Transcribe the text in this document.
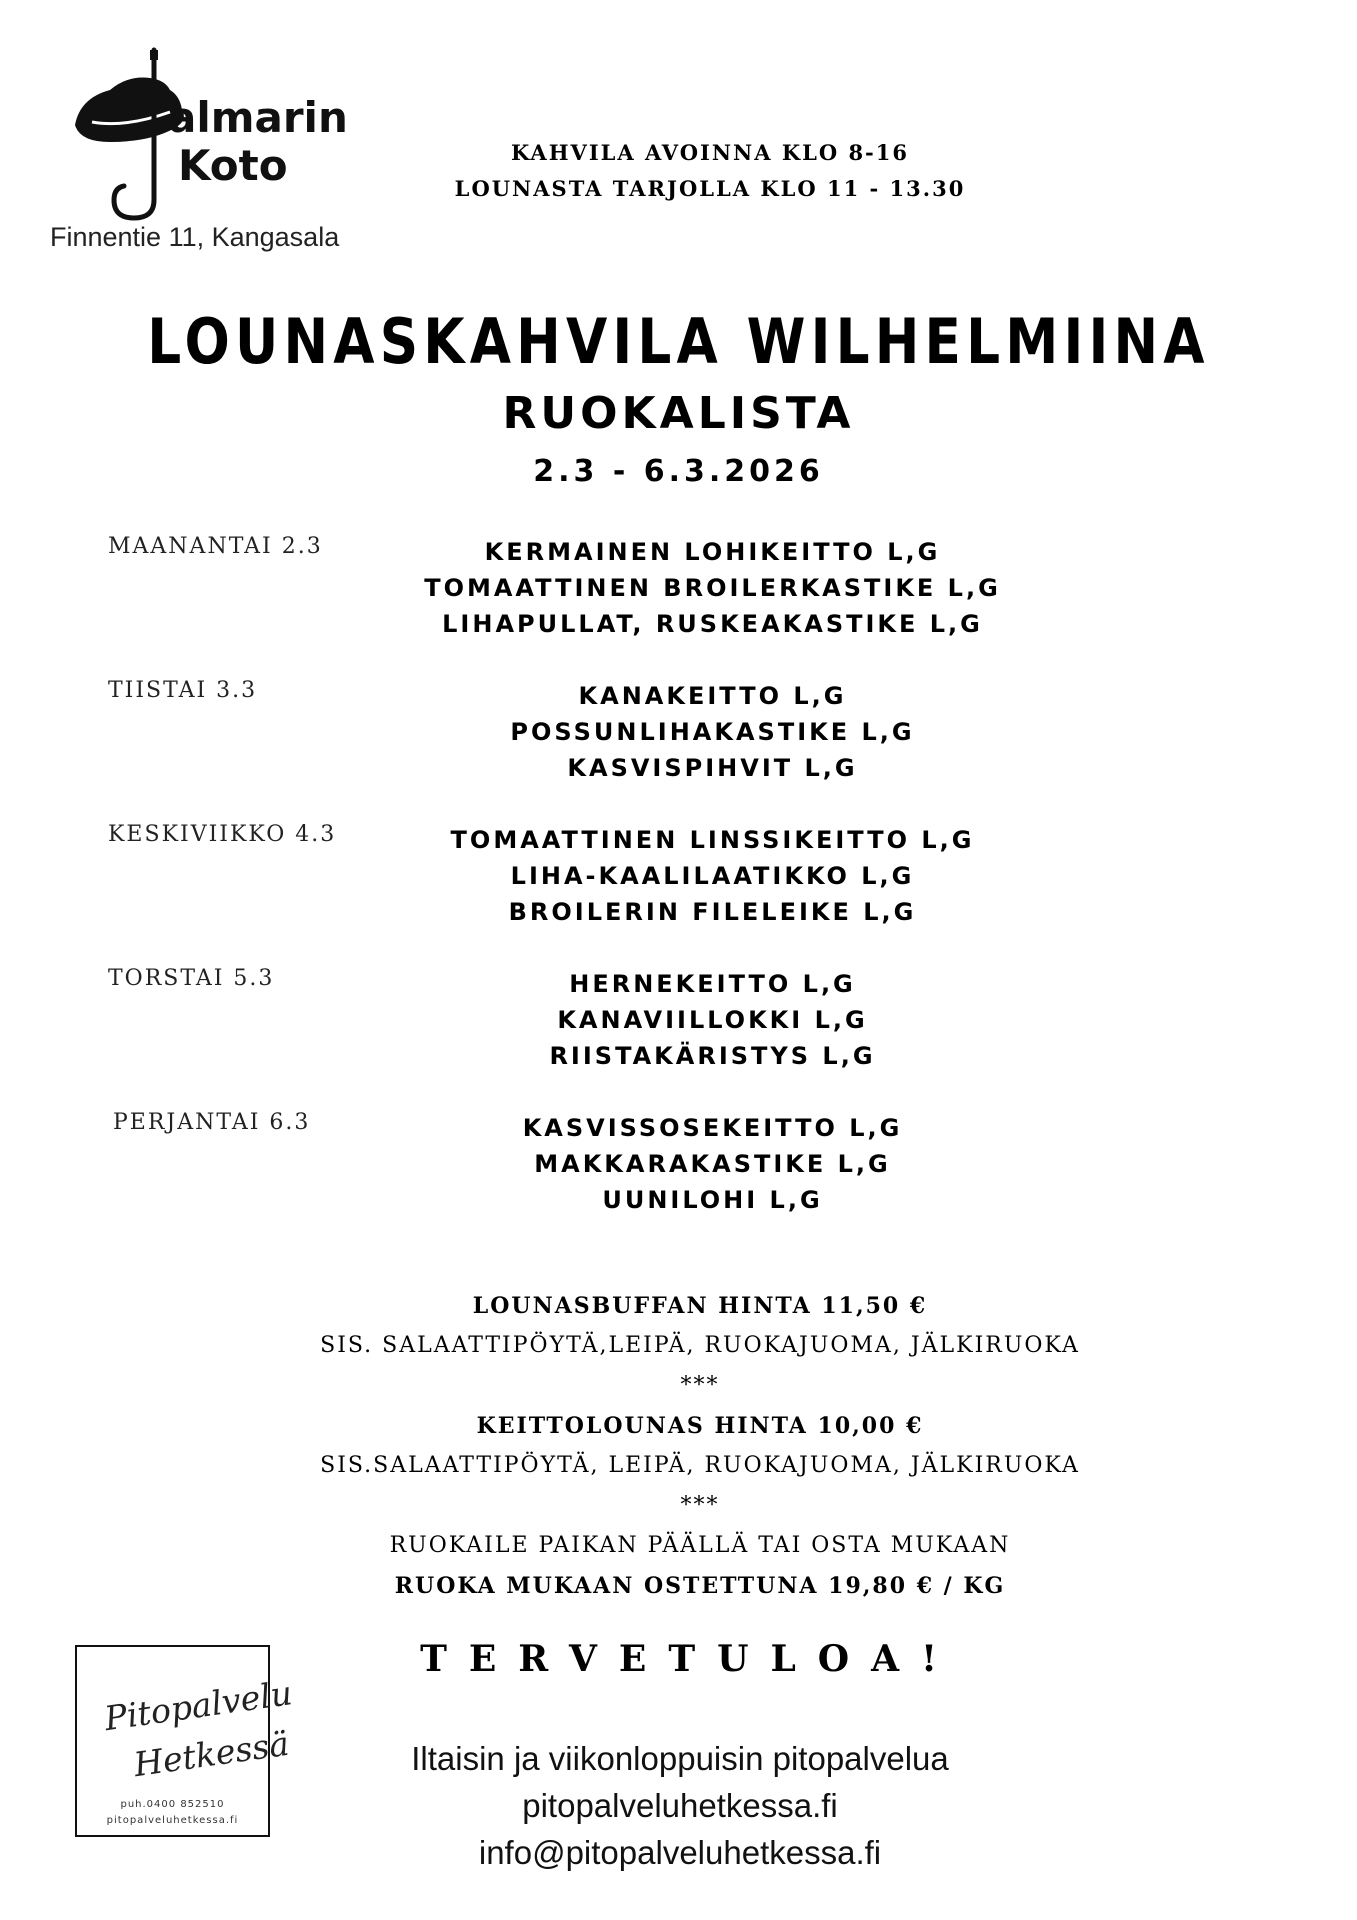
almarin
Koto
Finnentie 11, Kangasala
KAHVILA AVOINNA KLO 8-16
LOUNASTA TARJOLLA KLO 11 - 13.30
LOUNASKAHVILA WILHELMIINA
RUOKALISTA
2.3 - 6.3.2026
MAANANTAI 2.3	KERMAINEN LOHIKEITTO L,G
TOMAATTINEN BROILERKASTIKE L,G
LIHAPULLAT, RUSKEAKASTIKE L,G
TIISTAI 3.3	KANAKEITTO L,G
POSSUNLIHAKASTIKE L,G
KASVISPIHVIT L,G
KESKIVIIKKO 4.3	TOMAATTINEN LINSSIKEITTO L,G
LIHA-KAALILAATIKKO L,G
BROILERIN FILELEIKE L,G
TORSTAI 5.3	HERNEKEITTO L,G
KANAVIILLOKKI L,G
RIISTAKÄRISTYS L,G
PERJANTAI 6.3	KASVISSOSEKEITTO L,G
MAKKARAKASTIKE L,G
UUNILOHI L,G
LOUNASBUFFAN HINTA 11,50 €
SIS. SALAATTIPÖYTÄ,LEIPÄ, RUOKAJUOMA, JÄLKIRUOKA
***
KEITTOLOUNAS HINTA 10,00 €
SIS.SALAATTIPÖYTÄ, LEIPÄ, RUOKAJUOMA, JÄLKIRUOKA
***
RUOKAILE PAIKAN PÄÄLLÄ TAI OSTA MUKAAN
RUOKA MUKAAN OSTETTUNA 19,80 € / KG
TERVETULOA!
Pitopalvelu
Hetkessä
puh.0400 852510
pitopalveluhetkessa.fi
Iltaisin ja viikonloppuisin pitopalvelua
pitopalveluhetkessa.fi
info@pitopalveluhetkessa.fi
